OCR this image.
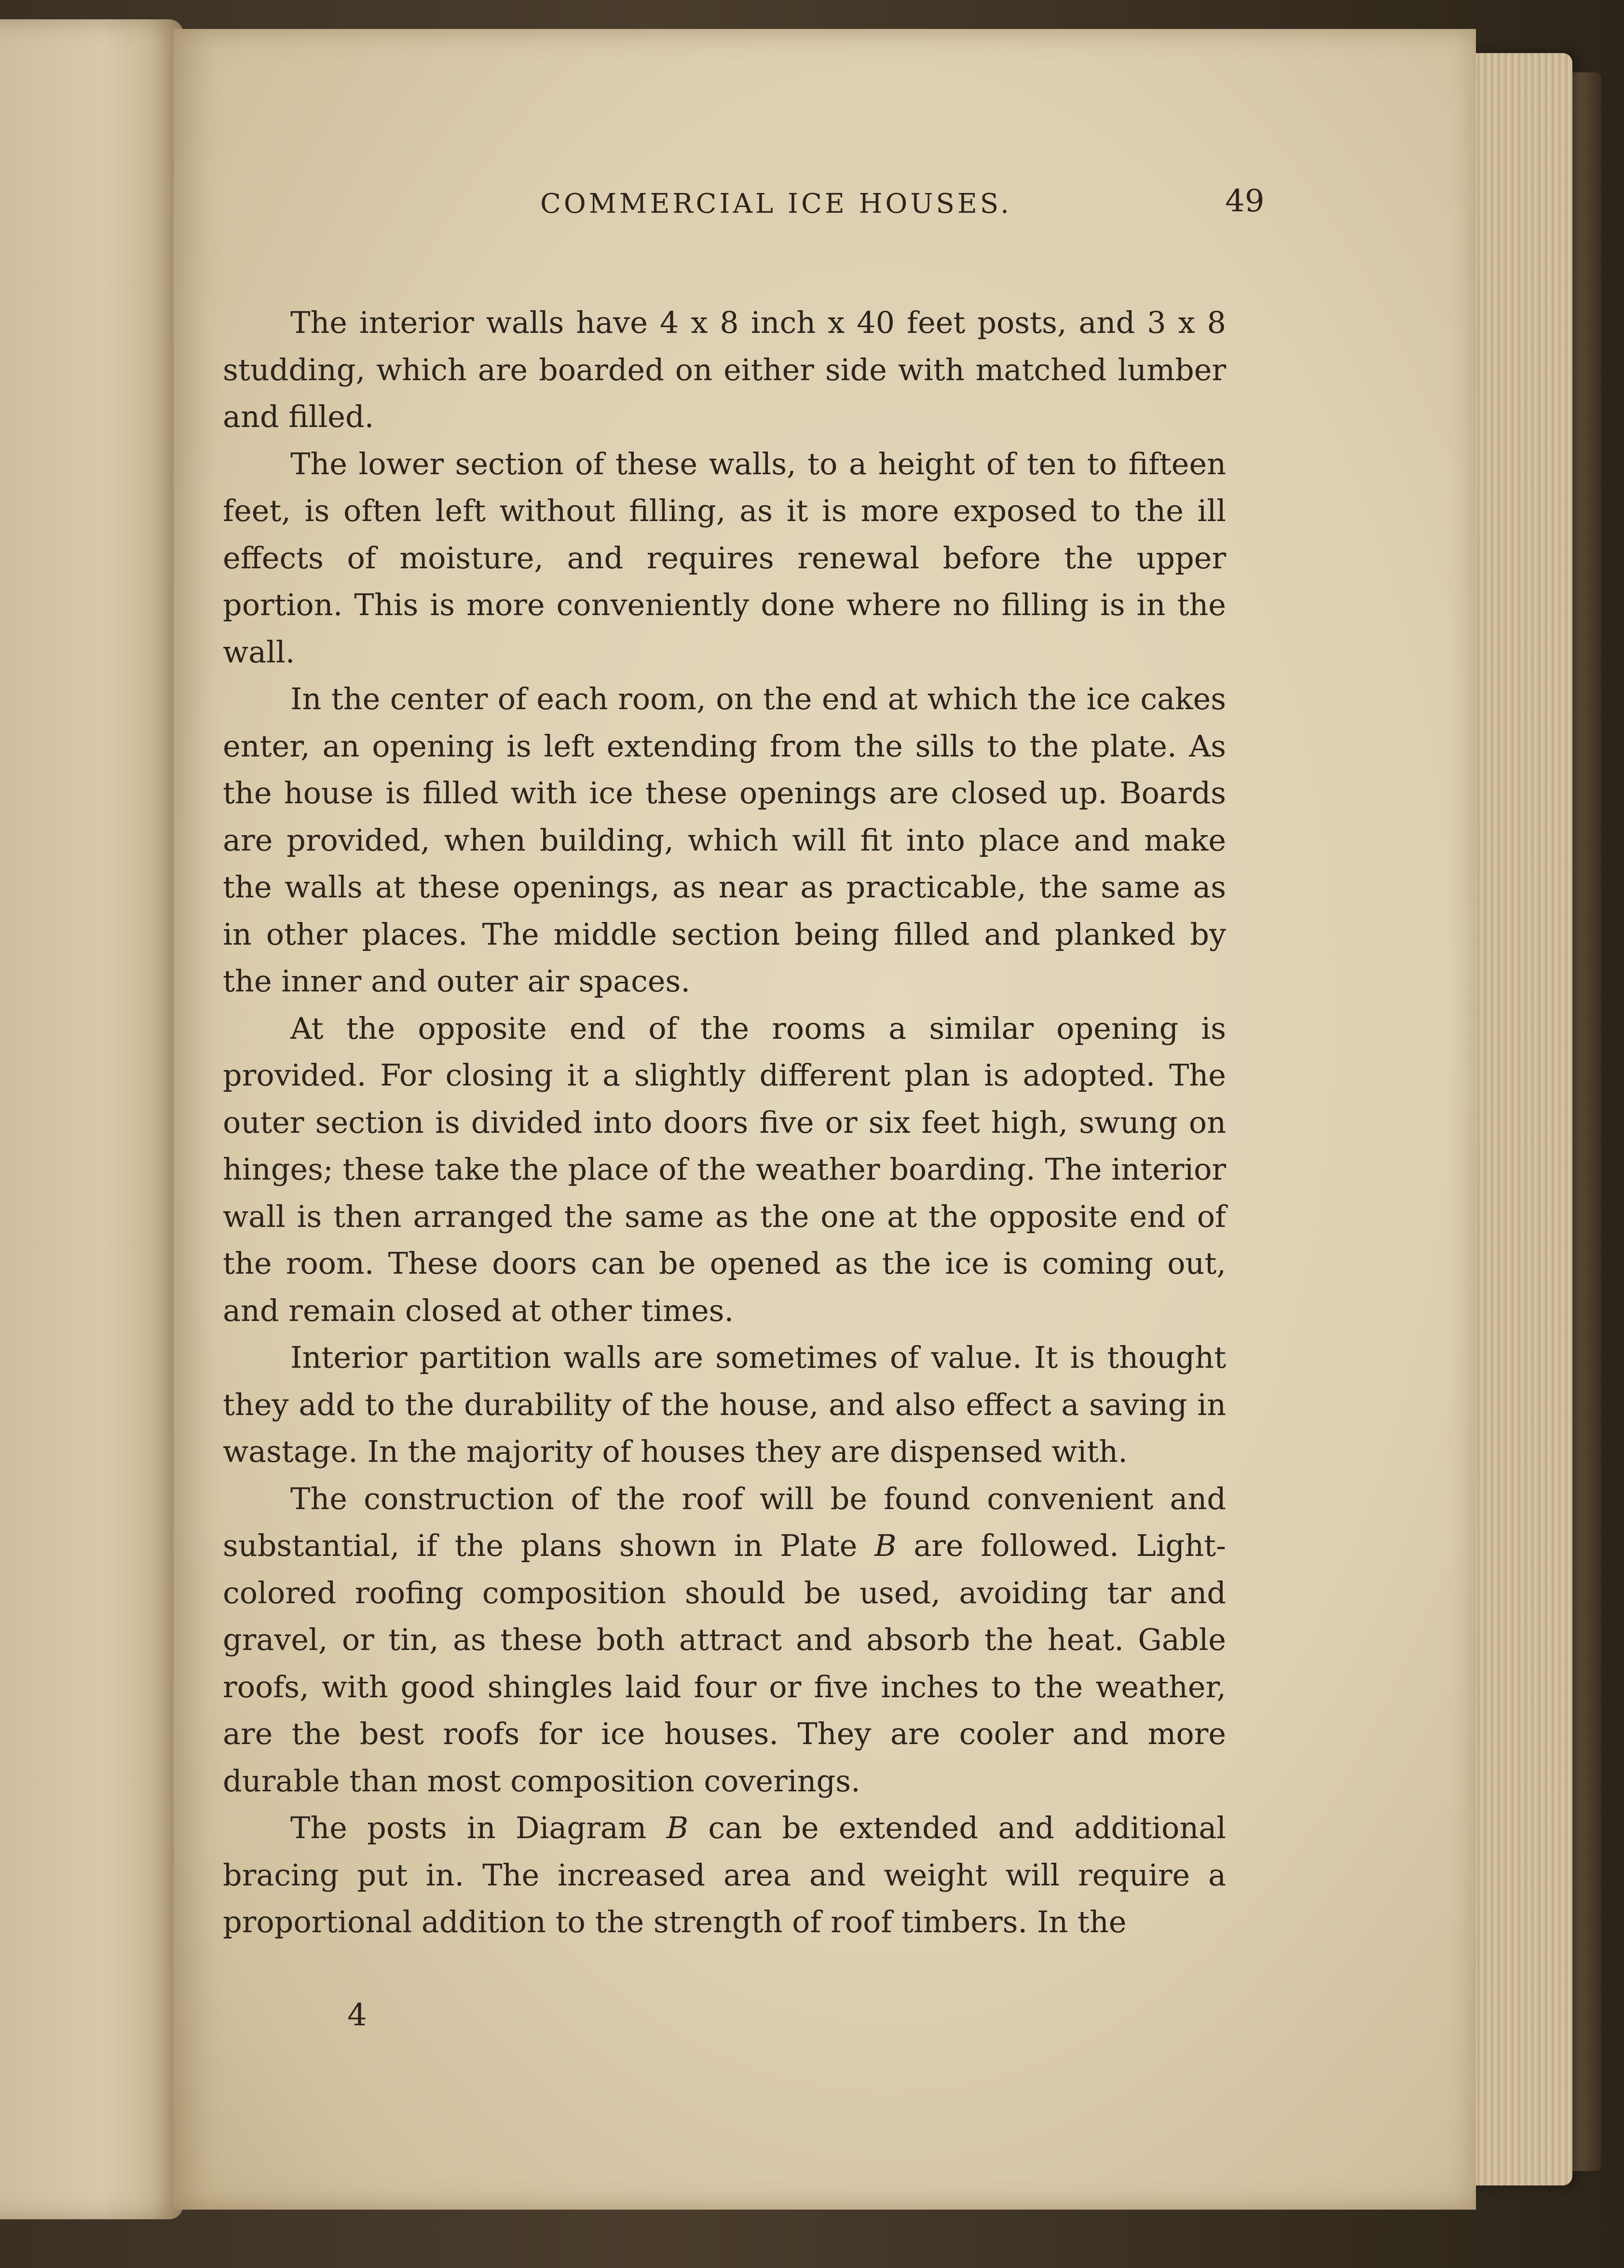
COMMERCIAL ICE HOUSES.	49

The interior walls have 4 x 8 inch x 40 feet posts, and 3 x 8 studding, which are boarded on either side with matched lumber and filled.

The lower section of these walls, to a height of ten to fifteen feet, is often left without filling, as it is more exposed to the ill effects of moisture, and requires renewal before the upper portion. This is more conveniently done where no filling is in the wall.

In the center of each room, on the end at which the ice cakes enter, an opening is left extending from the sills to the plate. As the house is filled with ice these openings are closed up. Boards are provided, when building, which will fit into place and make the walls at these openings, as near as practicable, the same as in other places. The middle section being filled and planked by the inner and outer air spaces.

At the opposite end of the rooms a similar opening is provided. For closing it a slightly different plan is adopted. The outer section is divided into doors five or six feet high, swung on hinges; these take the place of the weather boarding. The interior wall is then arranged the same as the one at the opposite end of the room. These doors can be opened as the ice is coming out, and remain closed at other times.

Interior partition walls are sometimes of value. It is thought they add to the durability of the house, and also effect a saving in wastage. In the majority of houses they are dispensed with.

The construction of the roof will be found convenient and substantial, if the plans shown in Plate B are followed. Light-colored roofing composition should be used, avoiding tar and gravel, or tin, as these both attract and absorb the heat. Gable roofs, with good shingles laid four or five inches to the weather, are the best roofs for ice houses. They are cooler and more durable than most composition coverings.

The posts in Diagram B can be extended and additional bracing put in. The increased area and weight will require a proportional addition to the strength of roof timbers. In the

4
